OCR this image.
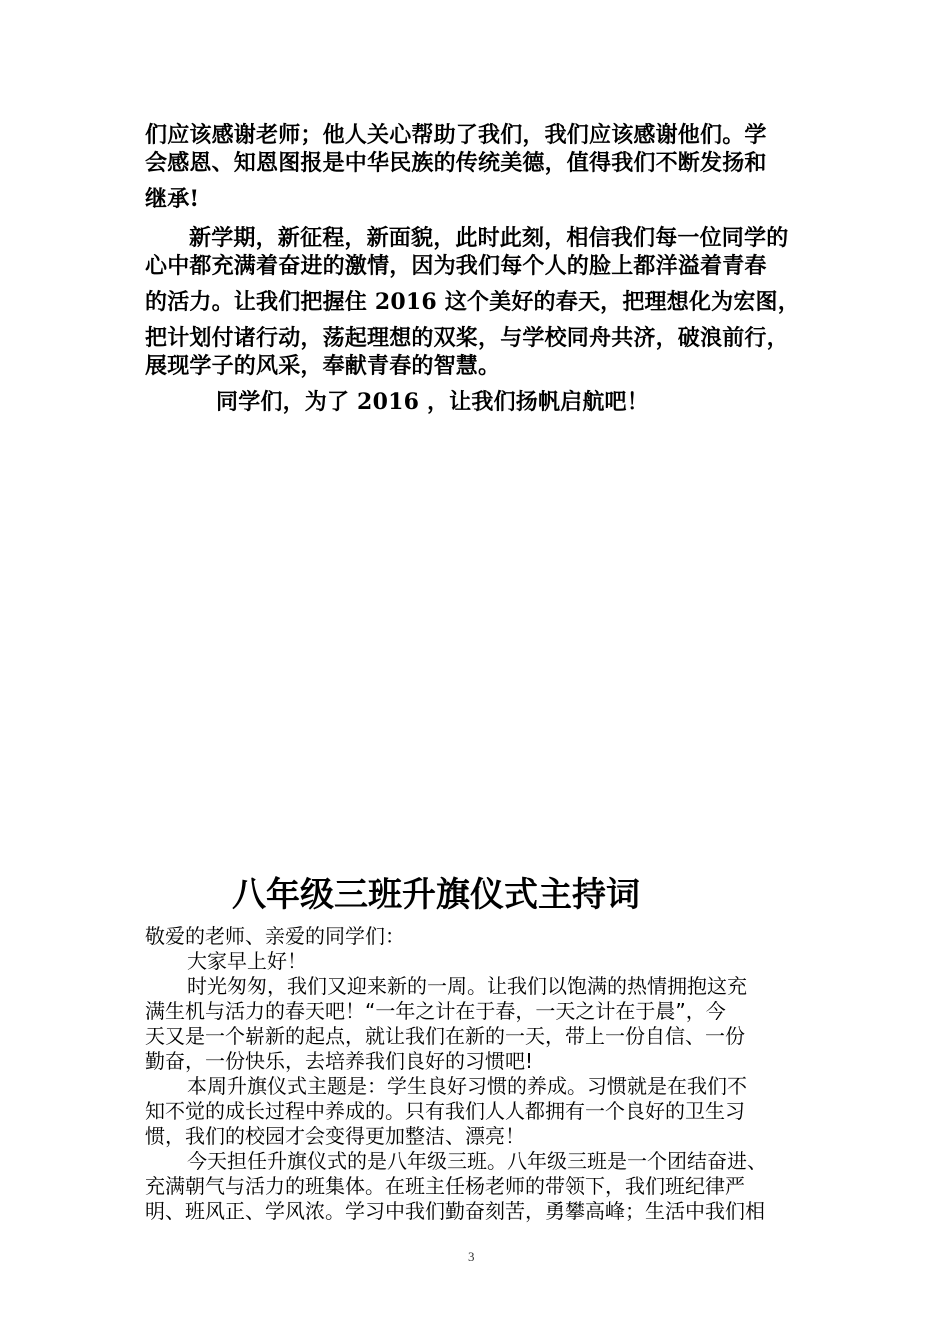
们应该感谢老师；他人关心帮助了我们，我们应该感谢他们。学
会感恩、知恩图报是中华民族的传统美德，值得我们不断发扬和
继承!
新学期，新征程，新面貌，此时此刻，相信我们每一位同学的
心中都充满着奋进的激情，因为我们每个人的脸上都洋溢着青春
的活力。让我们把握住 2016 这个美好的春天，把理想化为宏图，
把计划付诸行动，荡起理想的双桨，与学校同舟共济，破浪前行，
展现学子的风采，奉献青春的智慧。
同学们，为了 2016 ，让我们扬帆启航吧！
八年级三班升旗仪式主持词
敬爱的老师、亲爱的同学们：
大家早上好！
时光匆匆，我们又迎来新的一周。让我们以饱满的热情拥抱这充
满生机与活力的春天吧！“一年之计在于春，一天之计在于晨”，今
天又是一个崭新的起点，就让我们在新的一天，带上一份自信、一份
勤奋，一份快乐，去培养我们良好的习惯吧!
本周升旗仪式主题是：学生良好习惯的养成。习惯就是在我们不
知不觉的成长过程中养成的。只有我们人人都拥有一个良好的卫生习
惯，我们的校园才会变得更加整洁、漂亮！
今天担任升旗仪式的是八年级三班。八年级三班是一个团结奋进、
充满朝气与活力的班集体。在班主任杨老师的带领下，我们班纪律严
明、班风正、学风浓。学习中我们勤奋刻苦，勇攀高峰；生活中我们相
3
